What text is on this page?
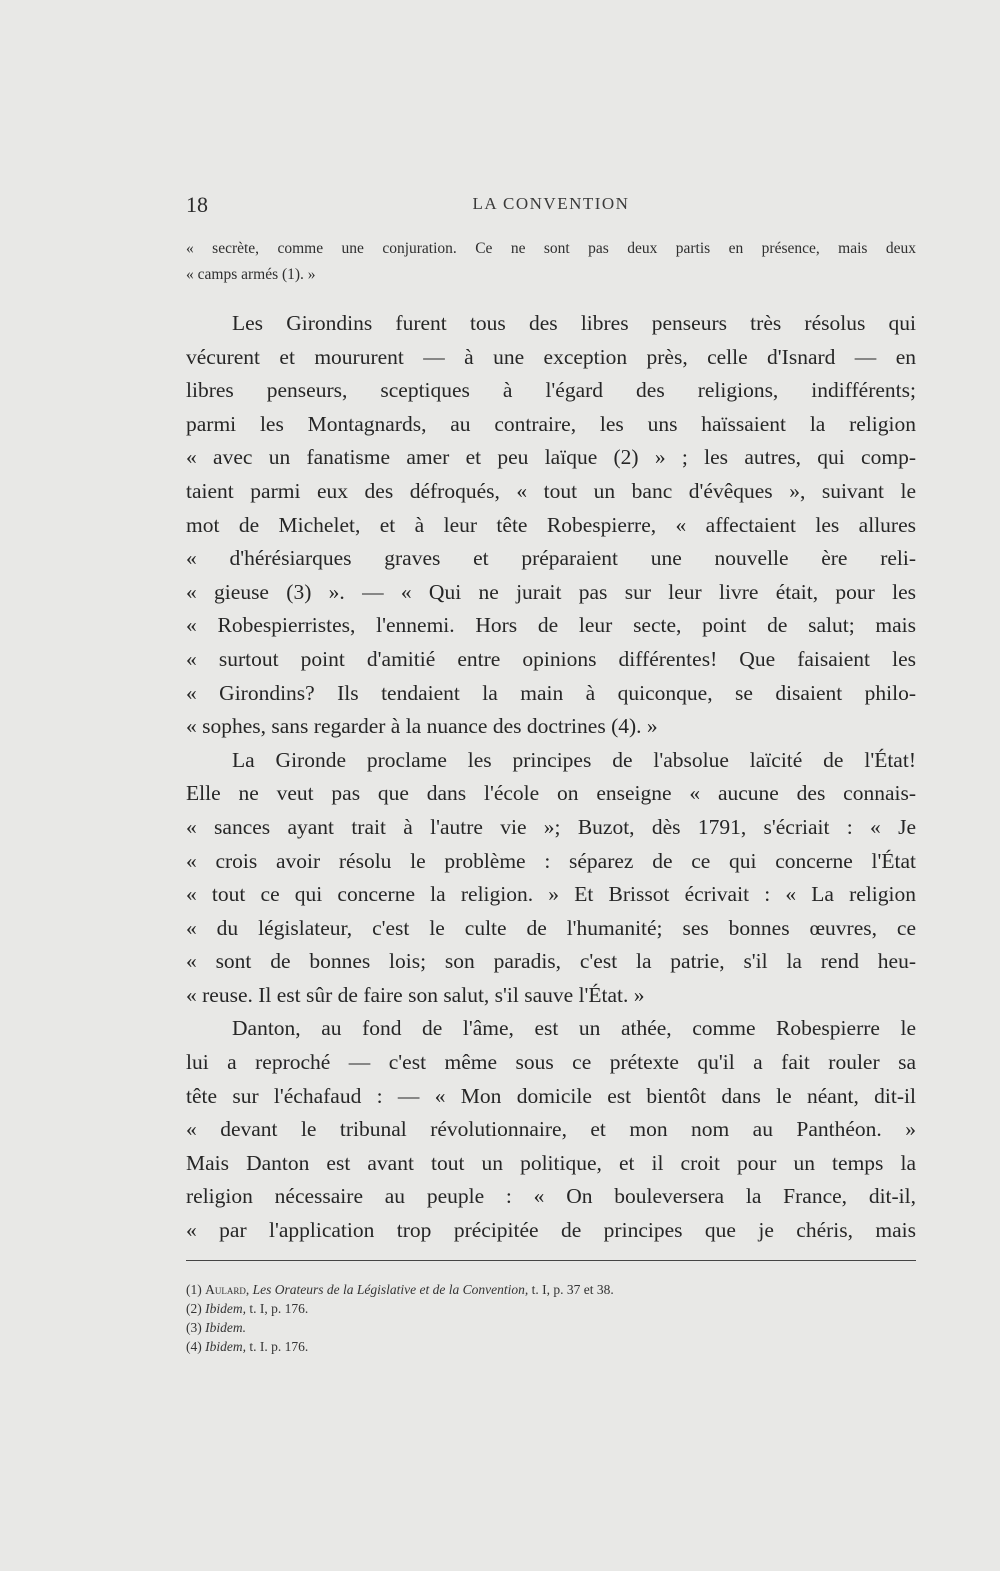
18	LA CONVENTION
« secrète, comme une conjuration. Ce ne sont pas deux partis en présence, mais deux
« camps armés (1). »
Les Girondins furent tous des libres penseurs très résolus qui
vécurent et moururent — à une exception près, celle d'Isnard — en
libres penseurs, sceptiques à l'égard des religions, indifférents;
parmi les Montagnards, au contraire, les uns haïssaient la religion
« avec un fanatisme amer et peu laïque (2) » ; les autres, qui comp-
taient parmi eux des défroqués, « tout un banc d'évêques », suivant le
mot de Michelet, et à leur tête Robespierre, « affectaient les allures
« d'hérésiarques graves et préparaient une nouvelle ère reli-
« gieuse (3) ». — « Qui ne jurait pas sur leur livre était, pour les
« Robespierristes, l'ennemi. Hors de leur secte, point de salut; mais
« surtout point d'amitié entre opinions différentes! Que faisaient les
« Girondins? Ils tendaient la main à quiconque, se disaient philo-
« sophes, sans regarder à la nuance des doctrines (4). »
La Gironde proclame les principes de l'absolue laïcité de l'État!
Elle ne veut pas que dans l'école on enseigne « aucune des connais-
« sances ayant trait à l'autre vie »; Buzot, dès 1791, s'écriait : « Je
« crois avoir résolu le problème : séparez de ce qui concerne l'État
« tout ce qui concerne la religion. » Et Brissot écrivait : « La religion
« du législateur, c'est le culte de l'humanité; ses bonnes œuvres, ce
« sont de bonnes lois; son paradis, c'est la patrie, s'il la rend heu-
« reuse. Il est sûr de faire son salut, s'il sauve l'État. »
Danton, au fond de l'âme, est un athée, comme Robespierre le
lui a reproché — c'est même sous ce prétexte qu'il a fait rouler sa
tête sur l'échafaud : — « Mon domicile est bientôt dans le néant, dit-il
« devant le tribunal révolutionnaire, et mon nom au Panthéon. »
Mais Danton est avant tout un politique, et il croit pour un temps la
religion nécessaire au peuple : « On bouleversera la France, dit-il,
« par l'application trop précipitée de principes que je chéris, mais
(1) Aulard, Les Orateurs de la Législative et de la Convention, t. I, p. 37 et 38.
(2) Ibidem, t. I, p. 176.
(3) Ibidem.
(4) Ibidem, t. I. p. 176.
